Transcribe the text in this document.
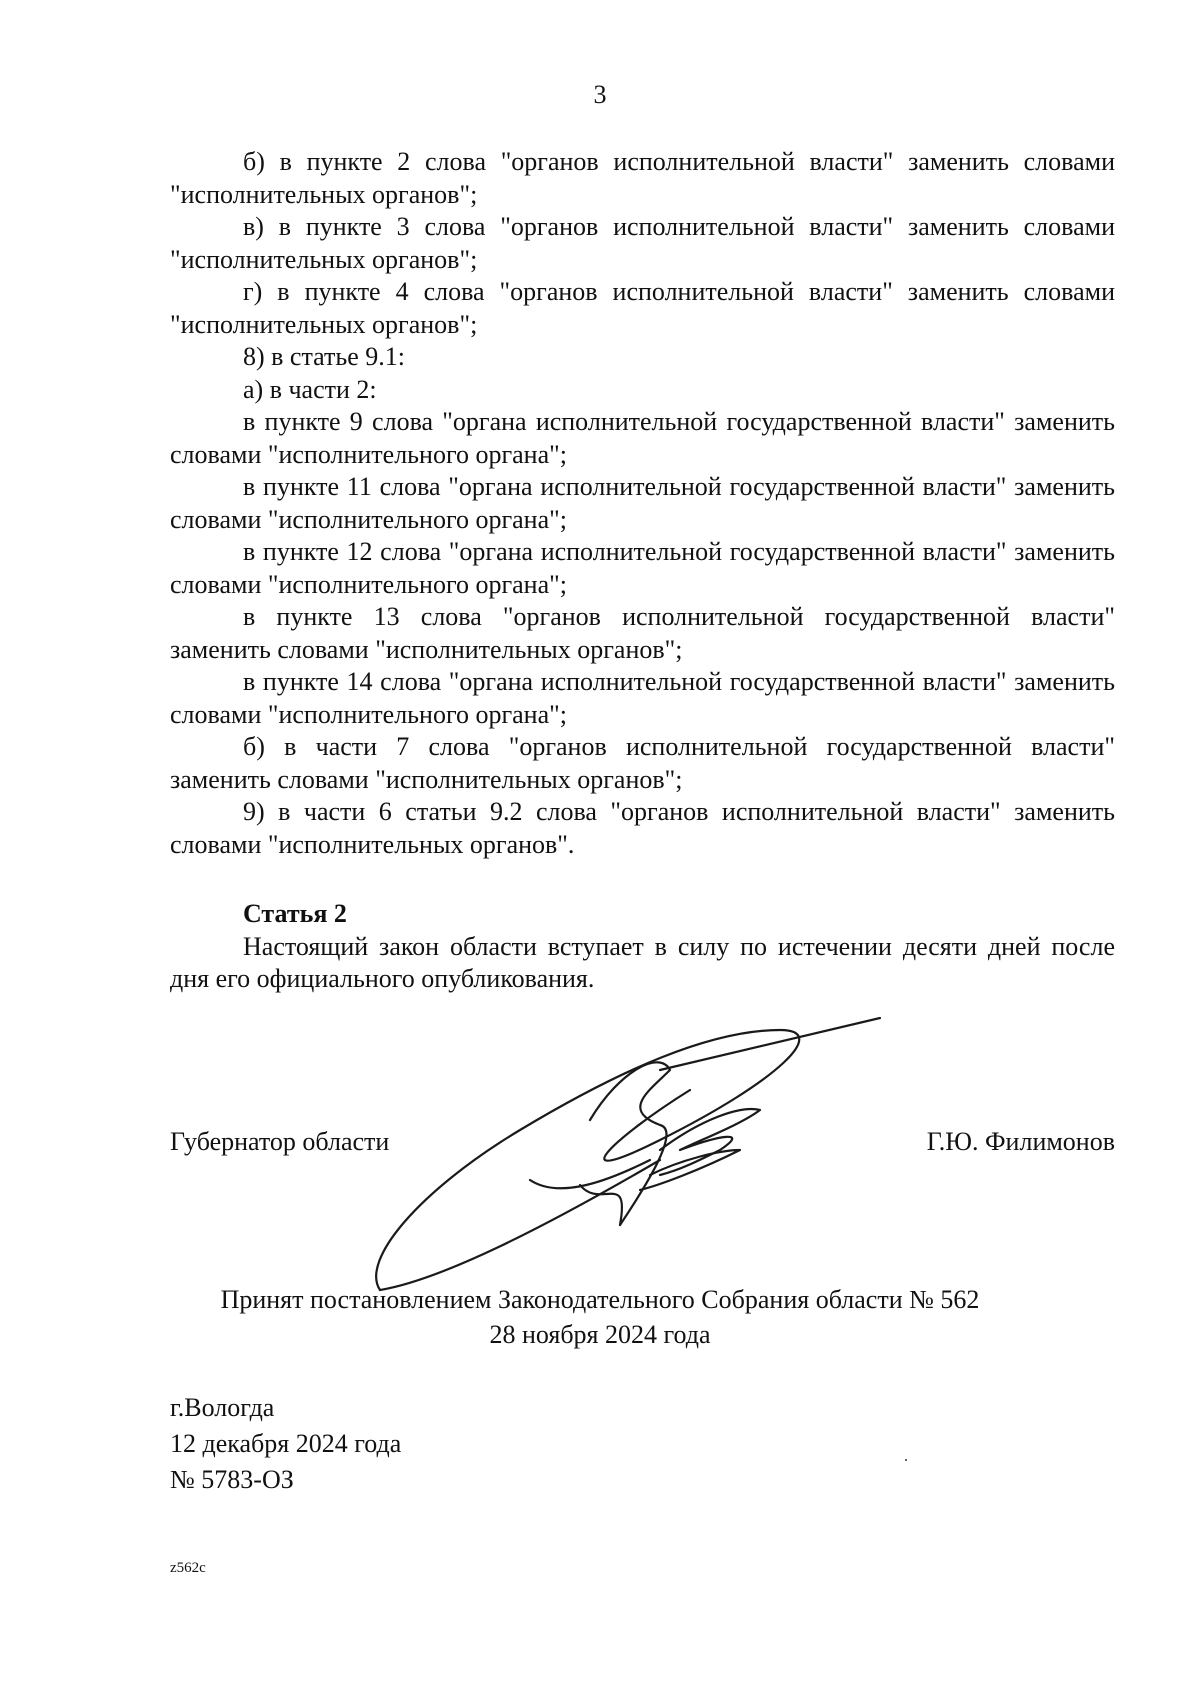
3

б) в пункте 2 слова "органов исполнительной власти" заменить словами "исполнительных органов";

в) в пункте 3 слова "органов исполнительной власти" заменить словами "исполнительных органов";

г) в пункте 4 слова "органов исполнительной власти" заменить словами "исполнительных органов";

8) в статье 9.1:

а) в части 2:

в пункте 9 слова "органа исполнительной государственной власти" заменить словами "исполнительного органа";

в пункте 11 слова "органа исполнительной государственной власти" заменить словами "исполнительного органа";

в пункте 12 слова "органа исполнительной государственной власти" заменить словами "исполнительного органа";

в пункте 13 слова "органов исполнительной государственной власти" заменить словами "исполнительных органов";

в пункте 14 слова "органа исполнительной государственной власти" заменить словами "исполнительного органа";

б) в части 7 слова "органов исполнительной государственной власти" заменить словами "исполнительных органов";

9) в части 6 статьи 9.2 слова "органов исполнительной власти" заменить словами "исполнительных органов".

Статья 2

Настоящий закон области вступает в силу по истечении десяти дней после дня его официального опубликования.

Губернатор области	Г.Ю. Филимонов
Принят постановлением Законодательного Собрания области № 562
28 ноября 2024 года
г.Вологда
12 декабря 2024 года
№ 5783-ОЗ
z562c
